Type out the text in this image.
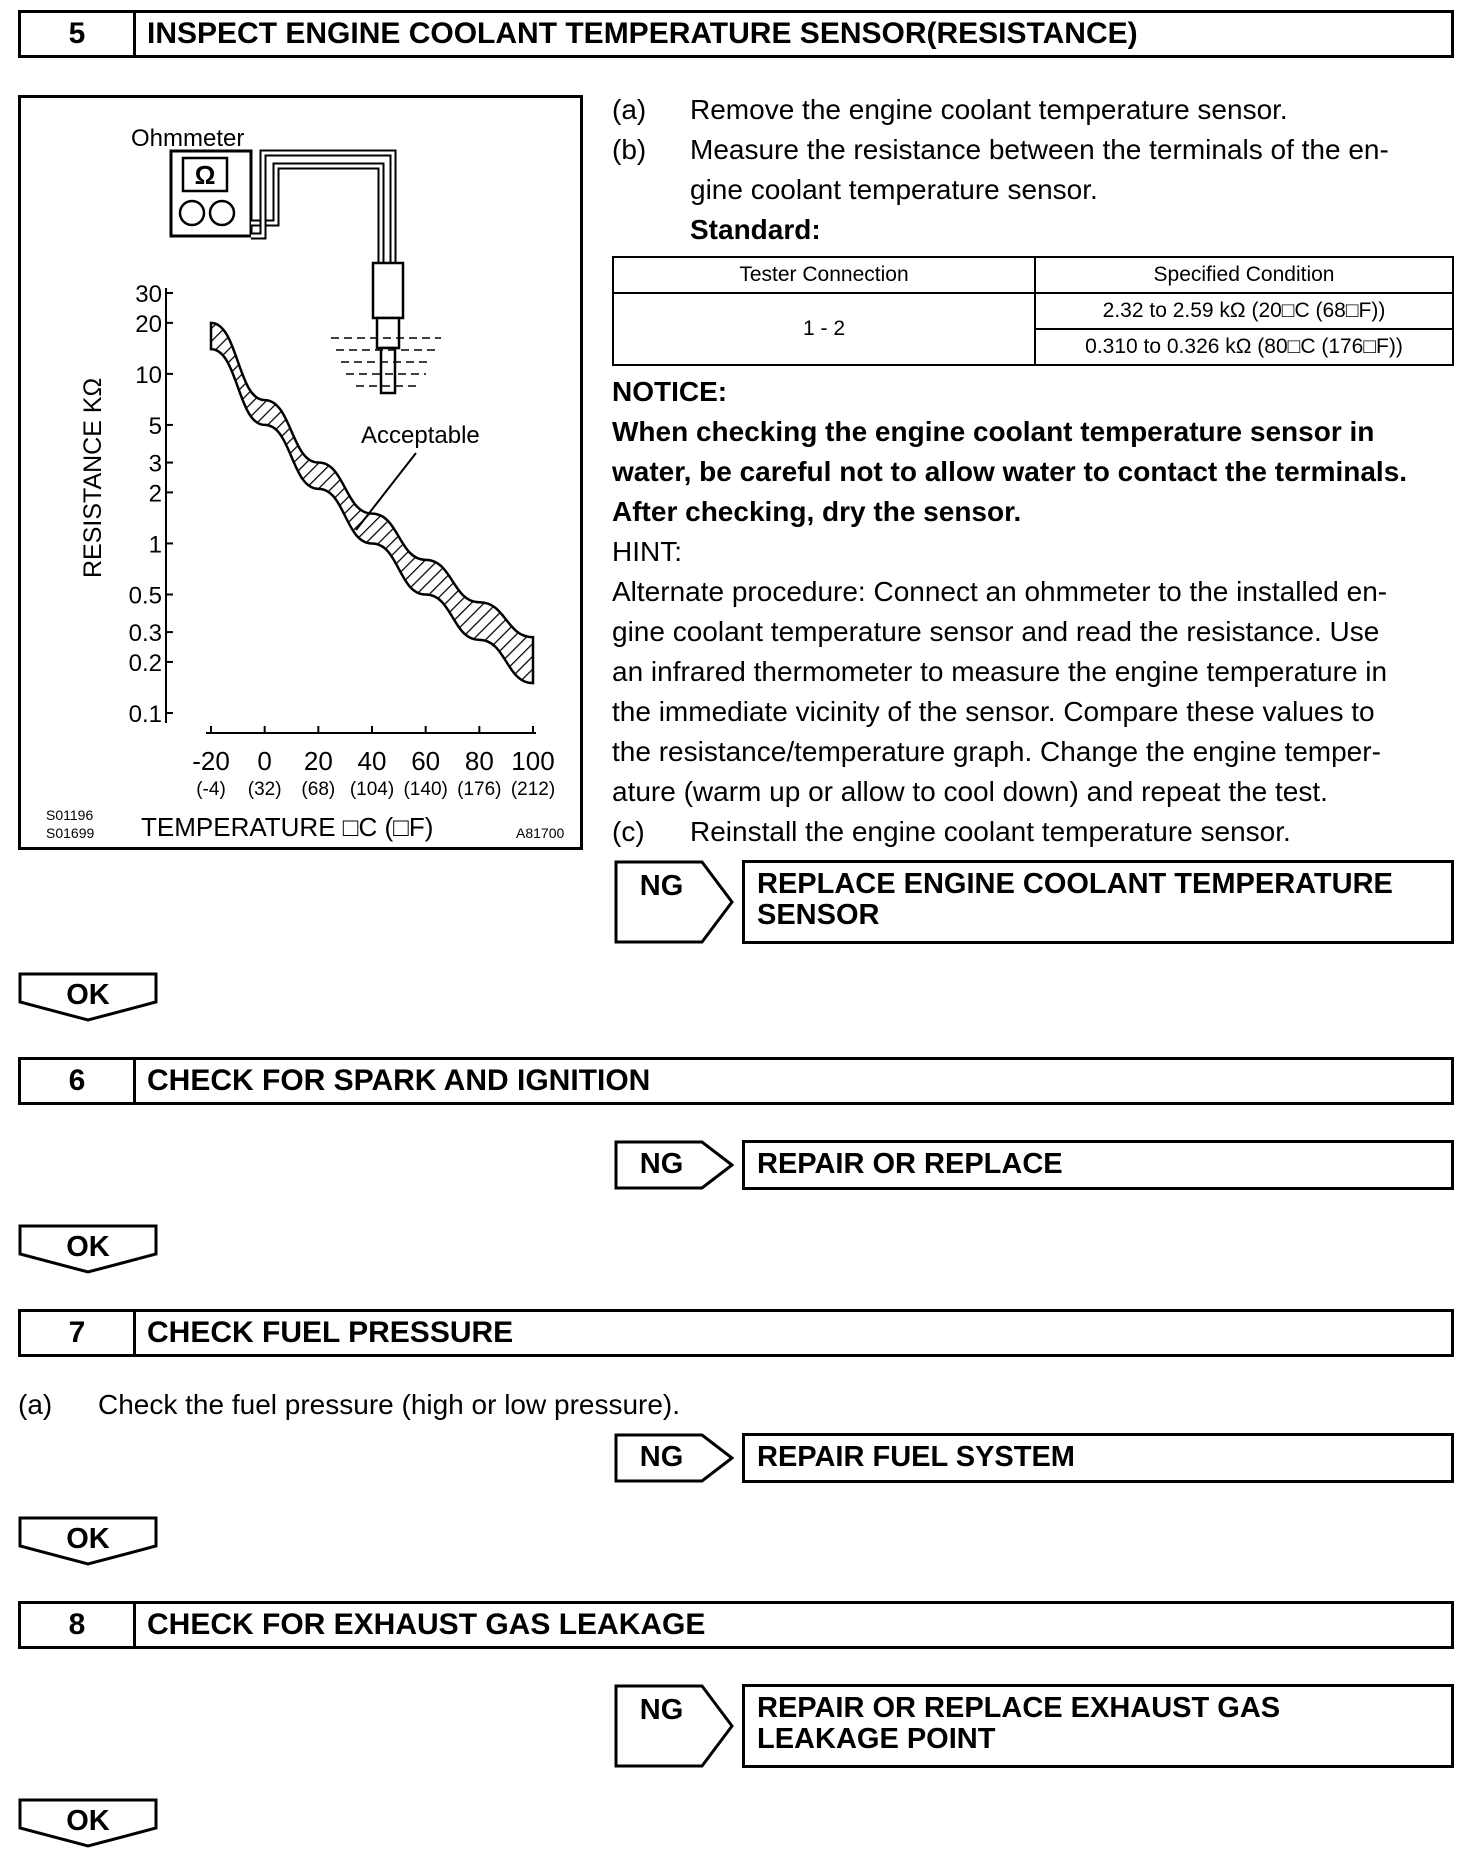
5	INSPECT ENGINE COOLANT TEMPERATURE SENSOR(RESISTANCE)
Ω
Ohmmeter
30
20
10
5
3
2
1
0.5
0.3
0.2
0.1
-20
(-4)
0
(32)
20
(68)
40
(104)
60
(140)
80
(176)
100
(212)
Acceptable
RESISTANCE KΩ
TEMPERATURE □C (□F)
S01196
S01699	A81700
(a) Remove the engine coolant temperature sensor.
(b) Measure the resistance between the terminals of the en-
gine coolant temperature sensor.
Standard:
Tester Connection	Specified Condition
1 - 2	2.32 to 2.59 kΩ (20□C (68□F))
	0.310 to 0.326 kΩ (80□C (176□F))
NOTICE:
When checking the engine coolant temperature sensor in
water, be careful not to allow water to contact the terminals.
After checking, dry the sensor.
HINT:
Alternate procedure: Connect an ohmmeter to the installed en-
gine coolant temperature sensor and read the resistance. Use
an infrared thermometer to measure the engine temperature in
the immediate vicinity of the sensor. Compare these values to
the resistance/temperature graph. Change the engine temper-
ature (warm up or allow to cool down) and repeat the test.
(c) Reinstall the engine coolant temperature sensor.
NG	REPLACE ENGINE COOLANT TEMPERATURE
SENSOR
OK
6	CHECK FOR SPARK AND IGNITION
NG	REPAIR OR REPLACE
OK
7	CHECK FUEL PRESSURE
(a) Check the fuel pressure (high or low pressure).
NG	REPAIR FUEL SYSTEM
OK
8	CHECK FOR EXHAUST GAS LEAKAGE
NG	REPAIR OR REPLACE EXHAUST GAS
LEAKAGE POINT
OK
